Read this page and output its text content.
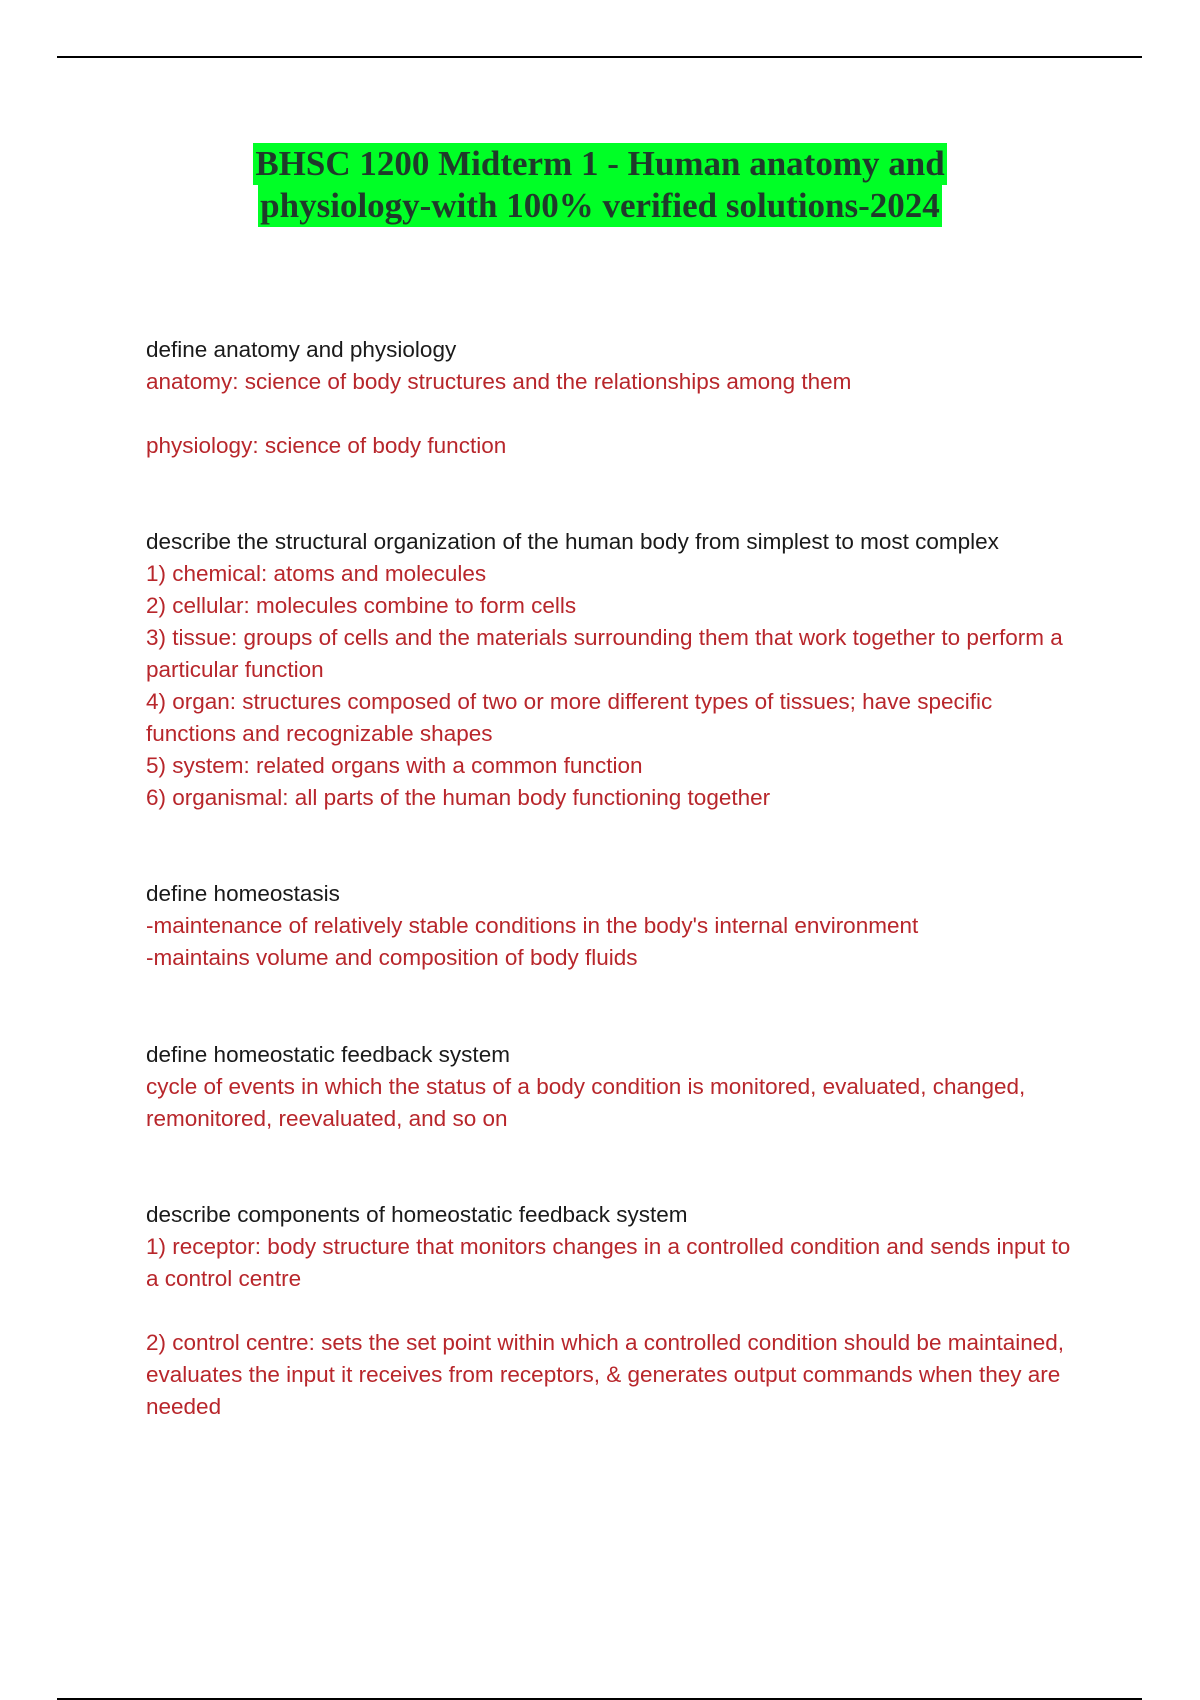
BHSC 1200 Midterm 1 - Human anatomy and
physiology-with 100% verified solutions-2024

define anatomy and physiology

anatomy: science of body structures and the relationships among them

physiology: science of body function

describe the structural organization of the human body from simplest to most complex

1) chemical: atoms and molecules

2) cellular: molecules combine to form cells

3) tissue: groups of cells and the materials surrounding them that work together to perform a particular function

4) organ: structures composed of two or more different types of tissues; have specific functions and recognizable shapes

5) system: related organs with a common function

6) organismal: all parts of the human body functioning together

define homeostasis

-maintenance of relatively stable conditions in the body's internal environment

-maintains volume and composition of body fluids

define homeostatic feedback system

cycle of events in which the status of a body condition is monitored, evaluated, changed, remonitored, reevaluated, and so on

describe components of homeostatic feedback system

1) receptor: body structure that monitors changes in a controlled condition and sends input to a control centre

2) control centre: sets the set point within which a controlled condition should be maintained, evaluates the input it receives from receptors, & generates output commands when they are needed
